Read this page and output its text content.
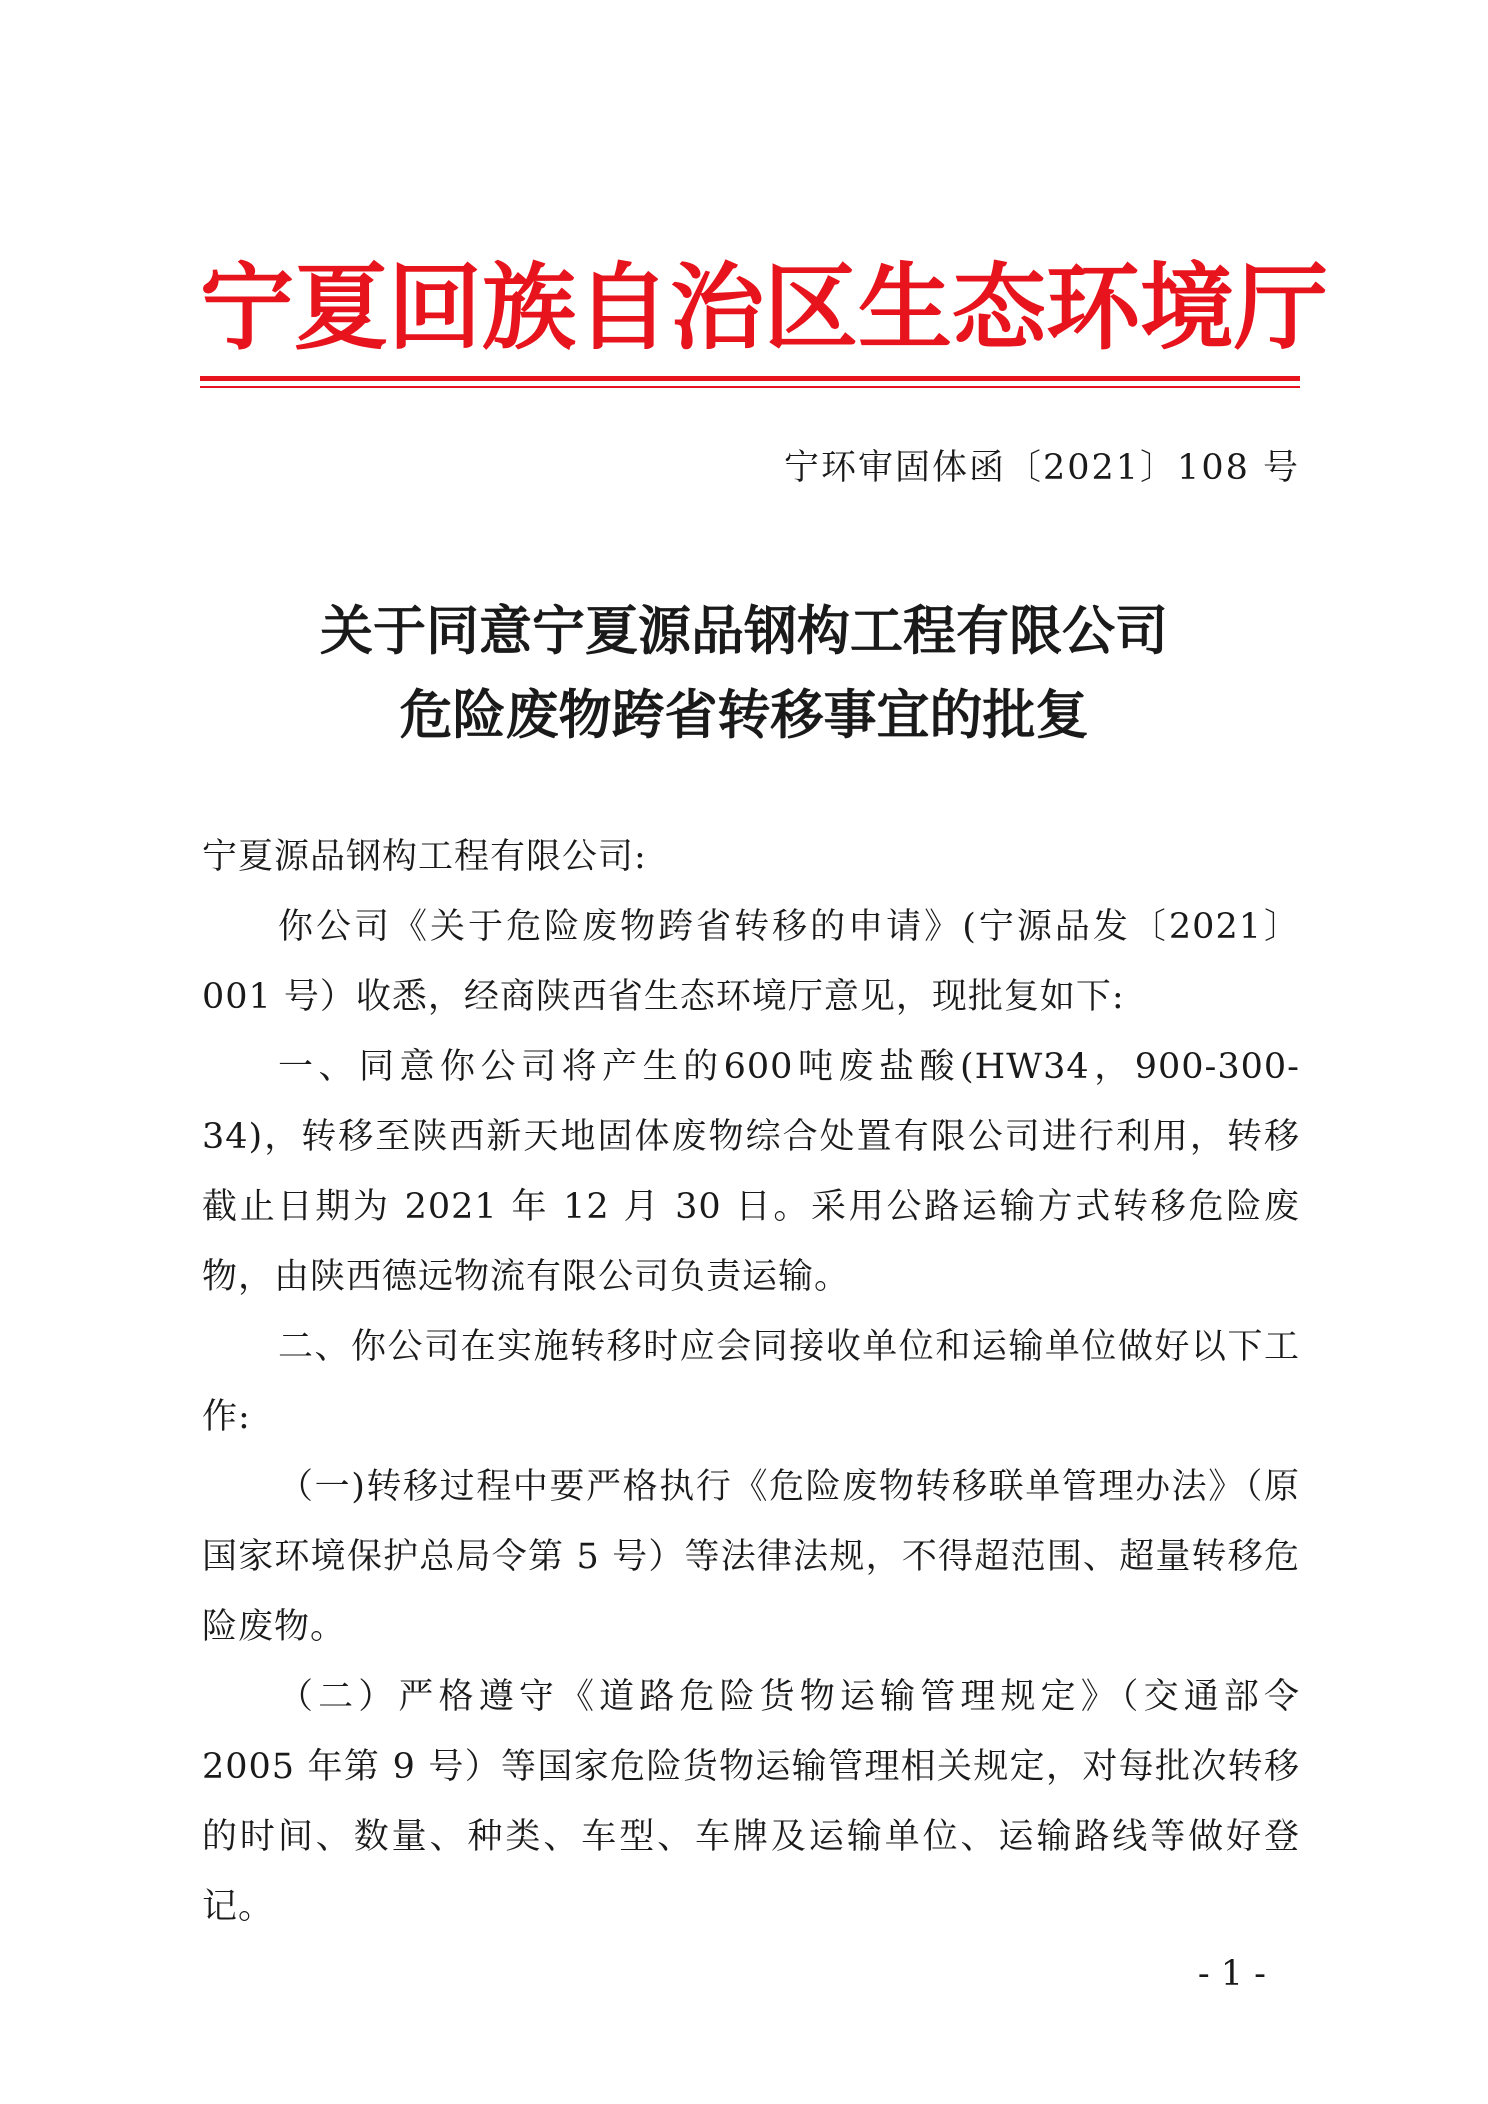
宁夏回族自治区生态环境厅
宁环审固体函〔2021〕108 号
关于同意宁夏源品钢构工程有限公司
危险废物跨省转移事宜的批复

宁夏源品钢构工程有限公司:

你公司《关于危险废物跨省转移的申请》(宁源品发〔2021〕001 号）收悉，经商陕西省生态环境厅意见，现批复如下:

一、同意你公司将产生的600吨废盐酸(HW34，900-300-34)，转移至陕西新天地固体废物综合处置有限公司进行利用，转移截止日期为 2021 年 12 月 30 日。采用公路运输方式转移危险废物，由陕西德远物流有限公司负责运输。

二、你公司在实施转移时应会同接收单位和运输单位做好以下工作:

（一)转移过程中要严格执行《危险废物转移联单管理办法》（原国家环境保护总局令第 5 号）等法律法规，不得超范围、超量转移危险废物。

（二）严格遵守《道路危险货物运输管理规定》（交通部令 2005 年第 9 号）等国家危险货物运输管理相关规定，对每批次转移的时间、数量、种类、车型、车牌及运输单位、运输路线等做好登记。

- 1 -
